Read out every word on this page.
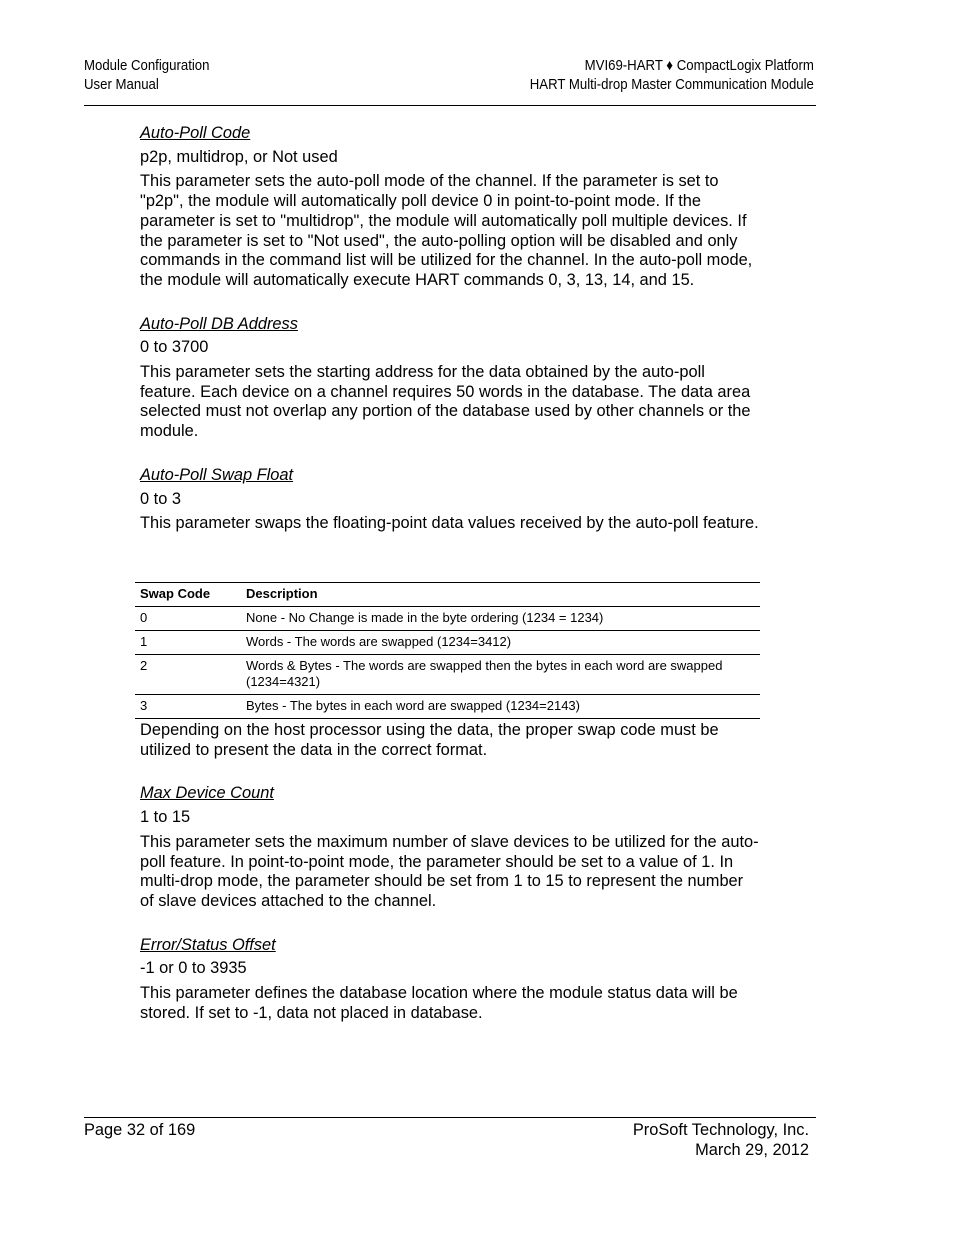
Module Configuration
User Manual
MVI69-HART ♦ CompactLogix Platform
HART Multi-drop Master Communication Module

Auto-Poll Code

p2p, multidrop, or Not used

This parameter sets the auto-poll mode of the channel. If the parameter is set to "p2p", the module will automatically poll device 0 in point-to-point mode. If the parameter is set to "multidrop", the module will automatically poll multiple devices. If the parameter is set to "Not used", the auto-polling option will be disabled and only commands in the command list will be utilized for the channel. In the auto-poll mode, the module will automatically execute HART commands 0, 3, 13, 14, and 15.

Auto-Poll DB Address

0 to 3700

This parameter sets the starting address for the data obtained by the auto-poll feature. Each device on a channel requires 50 words in the database. The data area selected must not overlap any portion of the database used by other channels or the module.

Auto-Poll Swap Float

0 to 3

This parameter swaps the floating-point data values received by the auto-poll feature.

Swap Code	Description
0	None - No Change is made in the byte ordering (1234 = 1234)
1	Words - The words are swapped (1234=3412)
2	Words & Bytes - The words are swapped then the bytes in each word are swapped (1234=4321)
3	Bytes - The bytes in each word are swapped (1234=2143)

Depending on the host processor using the data, the proper swap code must be utilized to present the data in the correct format.

Max Device Count

1 to 15

This parameter sets the maximum number of slave devices to be utilized for the auto-poll feature. In point-to-point mode, the parameter should be set to a value of 1. In multi-drop mode, the parameter should be set from 1 to 15 to represent the number of slave devices attached to the channel.

Error/Status Offset

-1 or 0 to 3935

This parameter defines the database location where the module status data will be stored. If set to -1, data not placed in database.

Page 32 of 169	ProSoft Technology, Inc.
March 29, 2012
